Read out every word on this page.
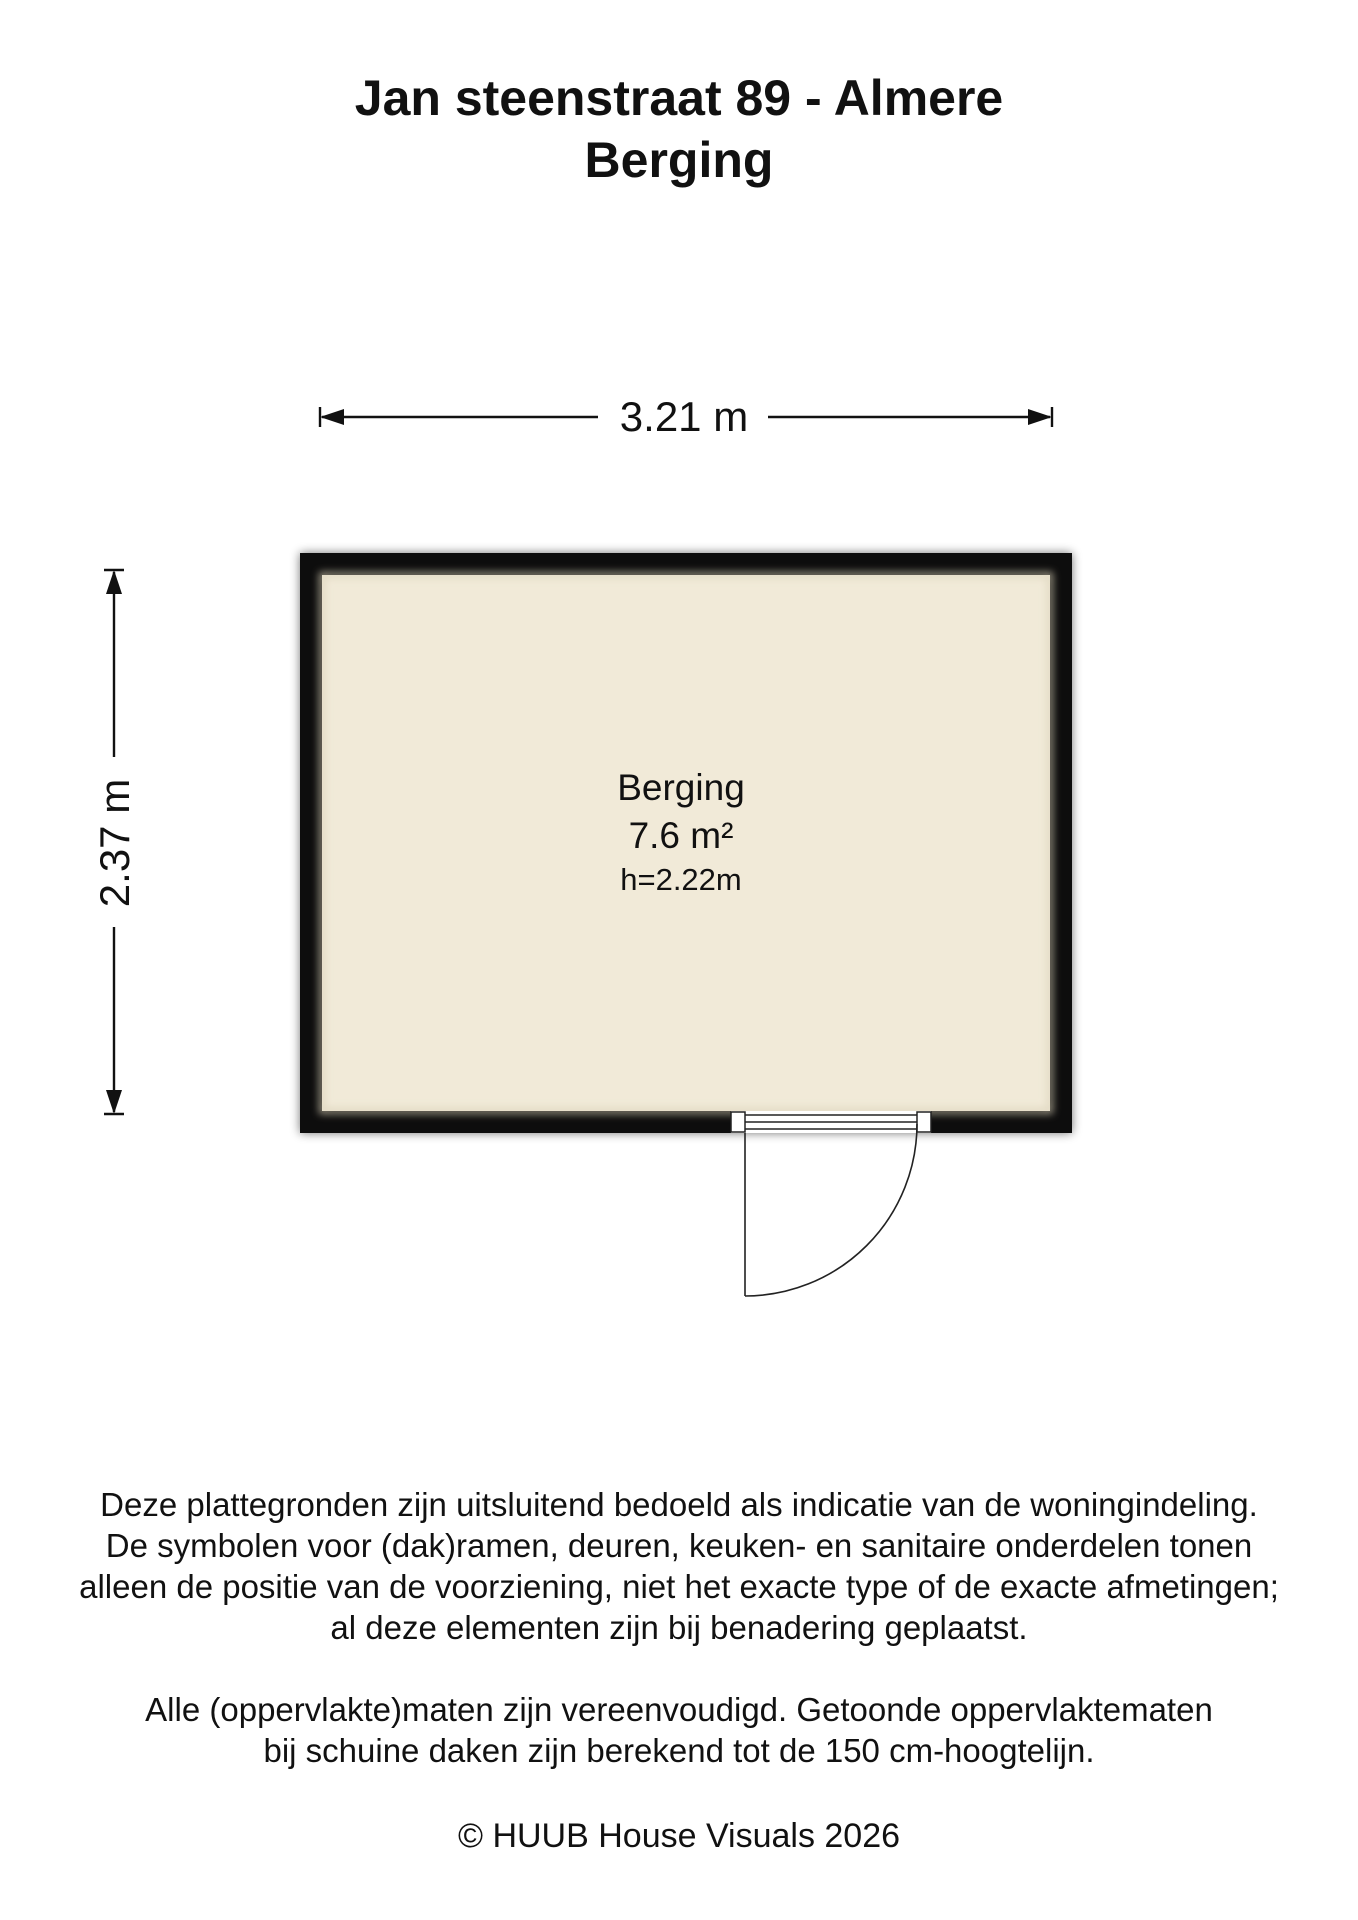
Jan steenstraat 89 - Almere
Berging
3.21 m
2.37 m	Berging
7.6 m²
h=2.22m
Deze plattegronden zijn uitsluitend bedoeld als indicatie van de woningindeling.
De symbolen voor (dak)ramen, deuren, keuken- en sanitaire onderdelen tonen
alleen de positie van de voorziening, niet het exacte type of de exacte afmetingen;
al deze elementen zijn bij benadering geplaatst.
Alle (oppervlakte)maten zijn vereenvoudigd. Getoonde oppervlaktematen
bij schuine daken zijn berekend tot de 150 cm-hoogtelijn.
© HUUB House Visuals 2026
